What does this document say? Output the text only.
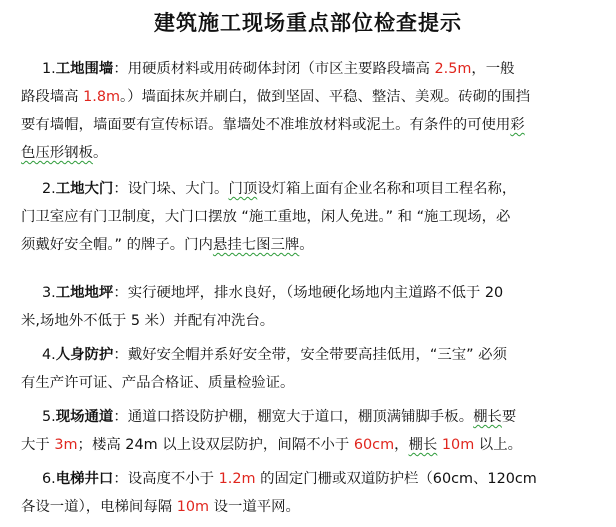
建筑施工现场重点部位检查提示
1.工地围墙：用硬质材料或用砖砌体封闭（市区主要路段墙高 2.5m，一般
路段墙高 1.8m。）墙面抹灰并刷白，做到坚固、平稳、整洁、美观。砖砌的围挡
要有墙帽，墙面要有宣传标语。靠墙处不准堆放材料或泥土。有条件的可使用彩
色压形钢板。
2.工地大门：设门垛、大门。门顶设灯箱上面有企业名称和项目工程名称，
门卫室应有门卫制度，大门口摆放 “施工重地，闲人免进。” 和 “施工现场，必
须戴好安全帽。” 的牌子。门内悬挂七图三牌。
3.工地地坪：实行硬地坪，排水良好，（场地硬化场地内主道路不低于 20
米,场地外不低于 5 米）并配有冲洗台。
4.人身防护：戴好安全帽并系好安全带，安全带要高挂低用，“三宝” 必须
有生产许可证、产品合格证、质量检验证。
5.现场通道：通道口搭设防护棚，棚宽大于道口，棚顶满铺脚手板。棚长要
大于 3m；楼高 24m 以上设双层防护，间隔不小于 60cm，棚长 10m 以上。
6.电梯井口：设高度不小于 1.2m 的固定门栅或双道防护栏（60cm、120cm
各设一道），电梯间每隔 10m 设一道平网。
